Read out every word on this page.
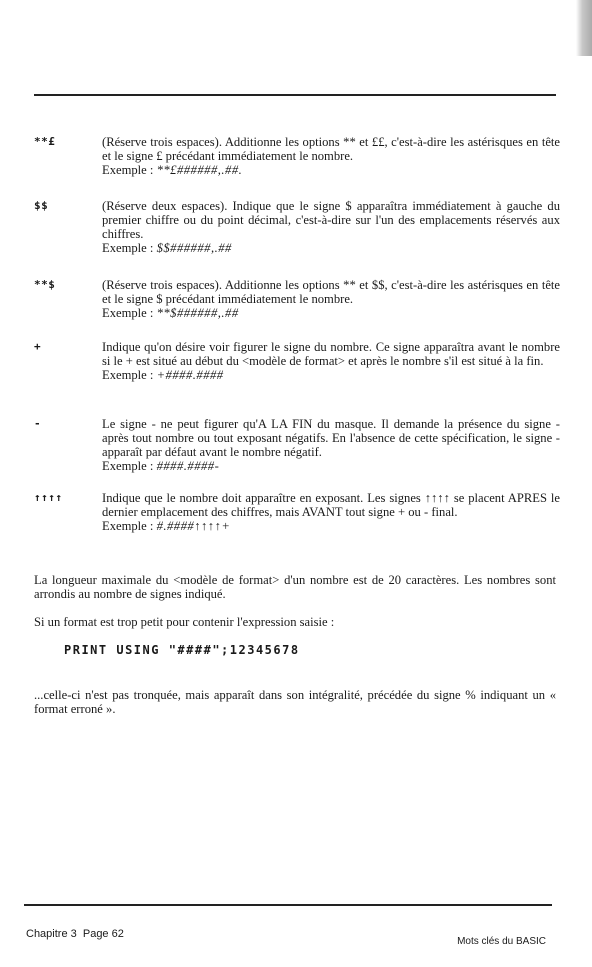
**£	(Réserve trois espaces). Additionne les options ** et ££, c'est-à-dire les astérisques en tête et le signe £ précédant immédiatement le nombre.
Exemple : **£######,.##.
$$	(Réserve deux espaces). Indique que le signe $ apparaîtra immédiatement à gauche du premier chiffre ou du point décimal, c'est-à-dire sur l'un des emplacements réservés aux chiffres.
Exemple : $$######,.##
**$	(Réserve trois espaces). Additionne les options ** et $$, c'est-à-dire les astérisques en tête et le signe $ précédant immédiatement le nombre.
Exemple : **$######,.##
+	Indique qu'on désire voir figurer le signe du nombre. Ce signe apparaîtra avant le nombre si le + est situé au début du <modèle de format> et après le nombre s'il est situé à la fin.
Exemple : +####.####
-	Le signe - ne peut figurer qu'A LA FIN du masque. Il demande la présence du signe - après tout nombre ou tout exposant négatifs. En l'absence de cette spécification, le signe - apparaît par défaut avant le nombre négatif.
Exemple : ####.####-
↑↑↑↑	Indique que le nombre doit apparaître en exposant. Les signes ↑↑↑↑ se placent APRES le dernier emplacement des chiffres, mais AVANT tout signe + ou - final.
Exemple : #.####↑↑↑↑+
La longueur maximale du <modèle de format> d'un nombre est de 20 caractères. Les nombres sont arrondis au nombre de signes indiqué.
Si un format est trop petit pour contenir l'expression saisie :
PRINT USING "####";12345678
...celle-ci n'est pas tronquée, mais apparaît dans son intégralité, précédée du signe % indiquant un « format erroné ».
Chapitre 3  Page 62
Mots clés du BASIC
